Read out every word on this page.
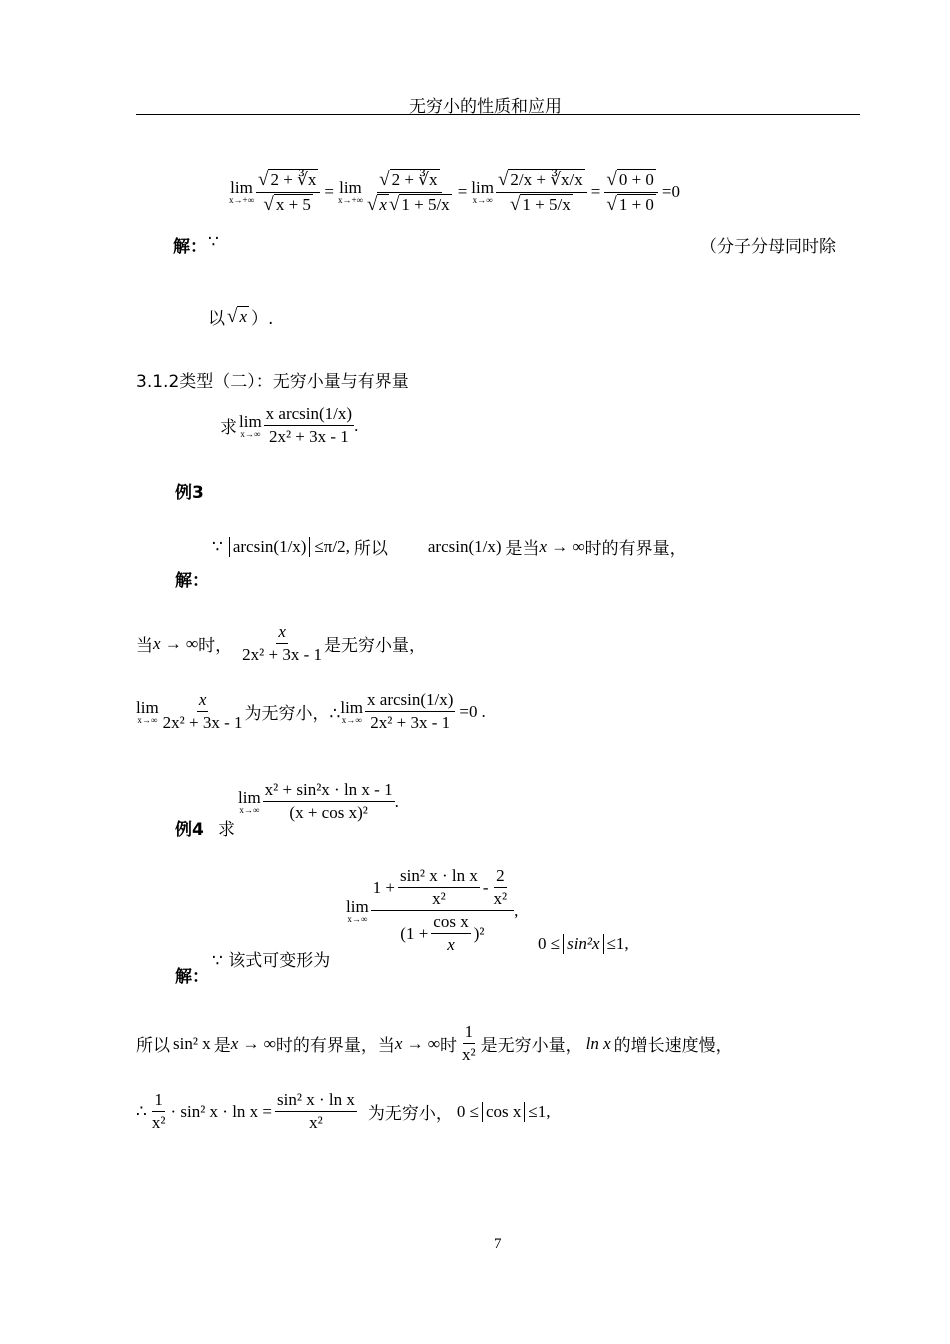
无穷小的性质和应用
lim
$x\to+\infty \frac{√ 2 + ∛x}{√ x + 5} = \lim$
$x\to+\infty \frac{√ 2 + ∛x}{√ x √ 1 + 5/x} = \lim$
$x\to\infty \frac{√ 2/x + ∛x/x}{√ 1 + 5/x} = \frac{√ 0 + 0}{√ 1 + 0} =0$
解： ∵	（分子分母同时除
以 √ x ）.
3.1.2类型（二）：无穷小量与有界量
求 lim
$x\to\infty \frac{\text{x arcsin(1/x)}}{\text{2x² + 3x - 1}}$ .
例3
解：
∵ arcsin(1/x) ≤π/2, 所以 arcsin(1/x) 是当 x → ∞ 时的有界量，
当 x → ∞ 时， $\frac{x}{\text{2x² + 3x - 1}}$ 是无穷小量，
lim
$x\to\infty \frac{x}{\text{2x² + 3x - 1}}$ 为无穷小，∴ lim
$x\to\infty \frac{\text{x arcsin(1/x)}}{\text{2x² + 3x - 1}} =0$ .
例4 求
lim
$x\to\infty \frac{\text{x² + sin²x · ln x - 1}}{\text{(x + cos x)²}}$ .
lim
$x\to\infty \frac{1 + \frac{\text{sin² x · ln x}}{\text{x²}} - \frac{2}{\text{x²}}}{(1 + \frac{\text{cos x}}{x} )^2}$ ,
0 ≤ sin²x ≤1,
∵ 该式可变形为
解：
所以 sin² x 是 x → ∞ 时的有界量，当 x → ∞ 时 $\frac{1}{\text{x²}}$ 是无穷小量， ln x 的增长速度慢，
∴ $\frac{1}{\text{x²}} \cdot \sin^2$ $x \cdot \ln x = \frac{\text{sin² x · ln x}}{\text{x²}}$ 为无穷小， 0 ≤ cos x ≤1,
7
